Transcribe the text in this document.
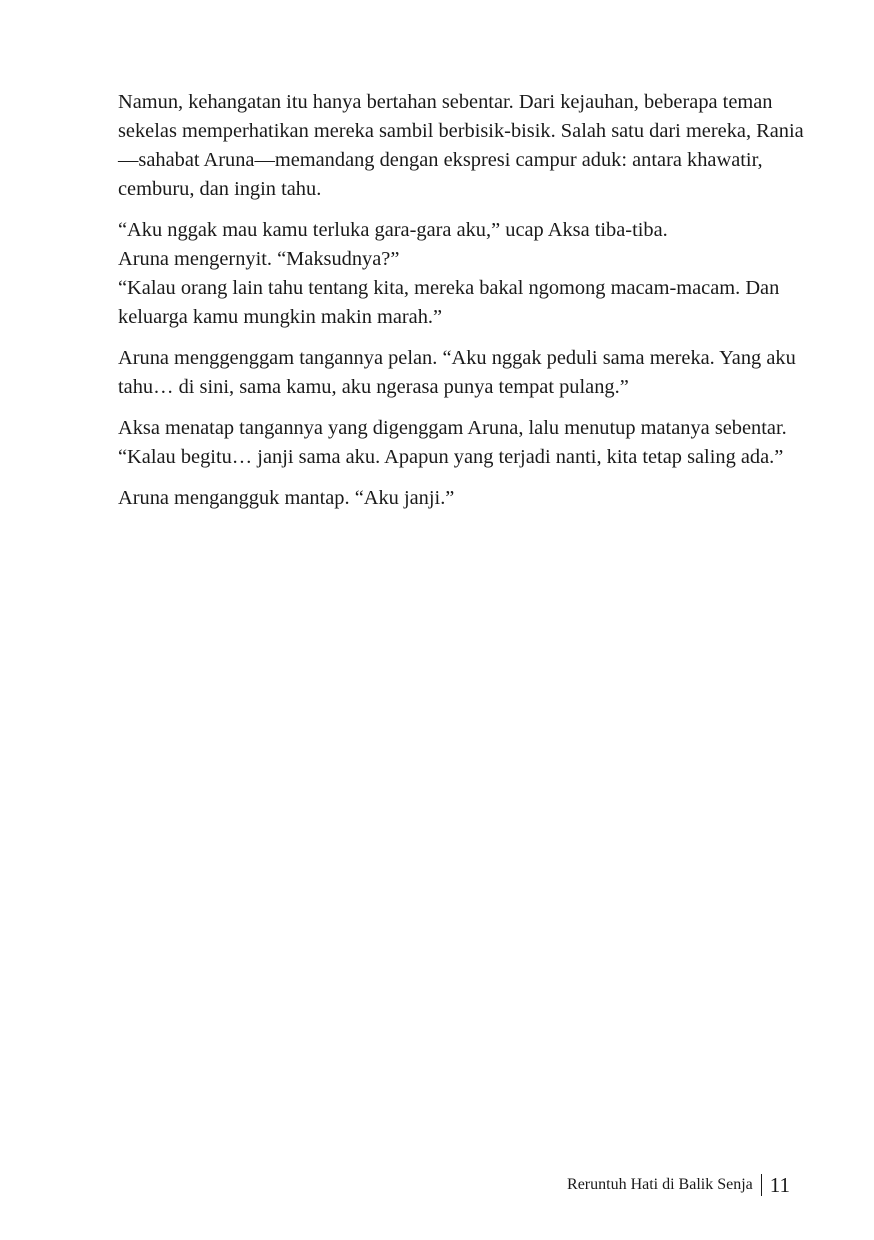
Namun, kehangatan itu hanya bertahan sebentar. Dari kejauhan, beberapa teman sekelas memperhatikan mereka sambil berbisik-bisik. Salah satu dari mereka, Rania—sahabat Aruna—memandang dengan ekspresi campur aduk: antara khawatir, cemburu, dan ingin tahu.

“Aku nggak mau kamu terluka gara-gara aku,” ucap Aksa tiba-tiba.
Aruna mengernyit. “Maksudnya?”
“Kalau orang lain tahu tentang kita, mereka bakal ngomong macam-macam. Dan keluarga kamu mungkin makin marah.”

Aruna menggenggam tangannya pelan. “Aku nggak peduli sama mereka. Yang aku tahu… di sini, sama kamu, aku ngerasa punya tempat pulang.”

Aksa menatap tangannya yang digenggam Aruna, lalu menutup matanya sebentar. “Kalau begitu… janji sama aku. Apapun yang terjadi nanti, kita tetap saling ada.”

Aruna mengangguk mantap. “Aku janji.”

Reruntuh Hati di Balik Senja 11
